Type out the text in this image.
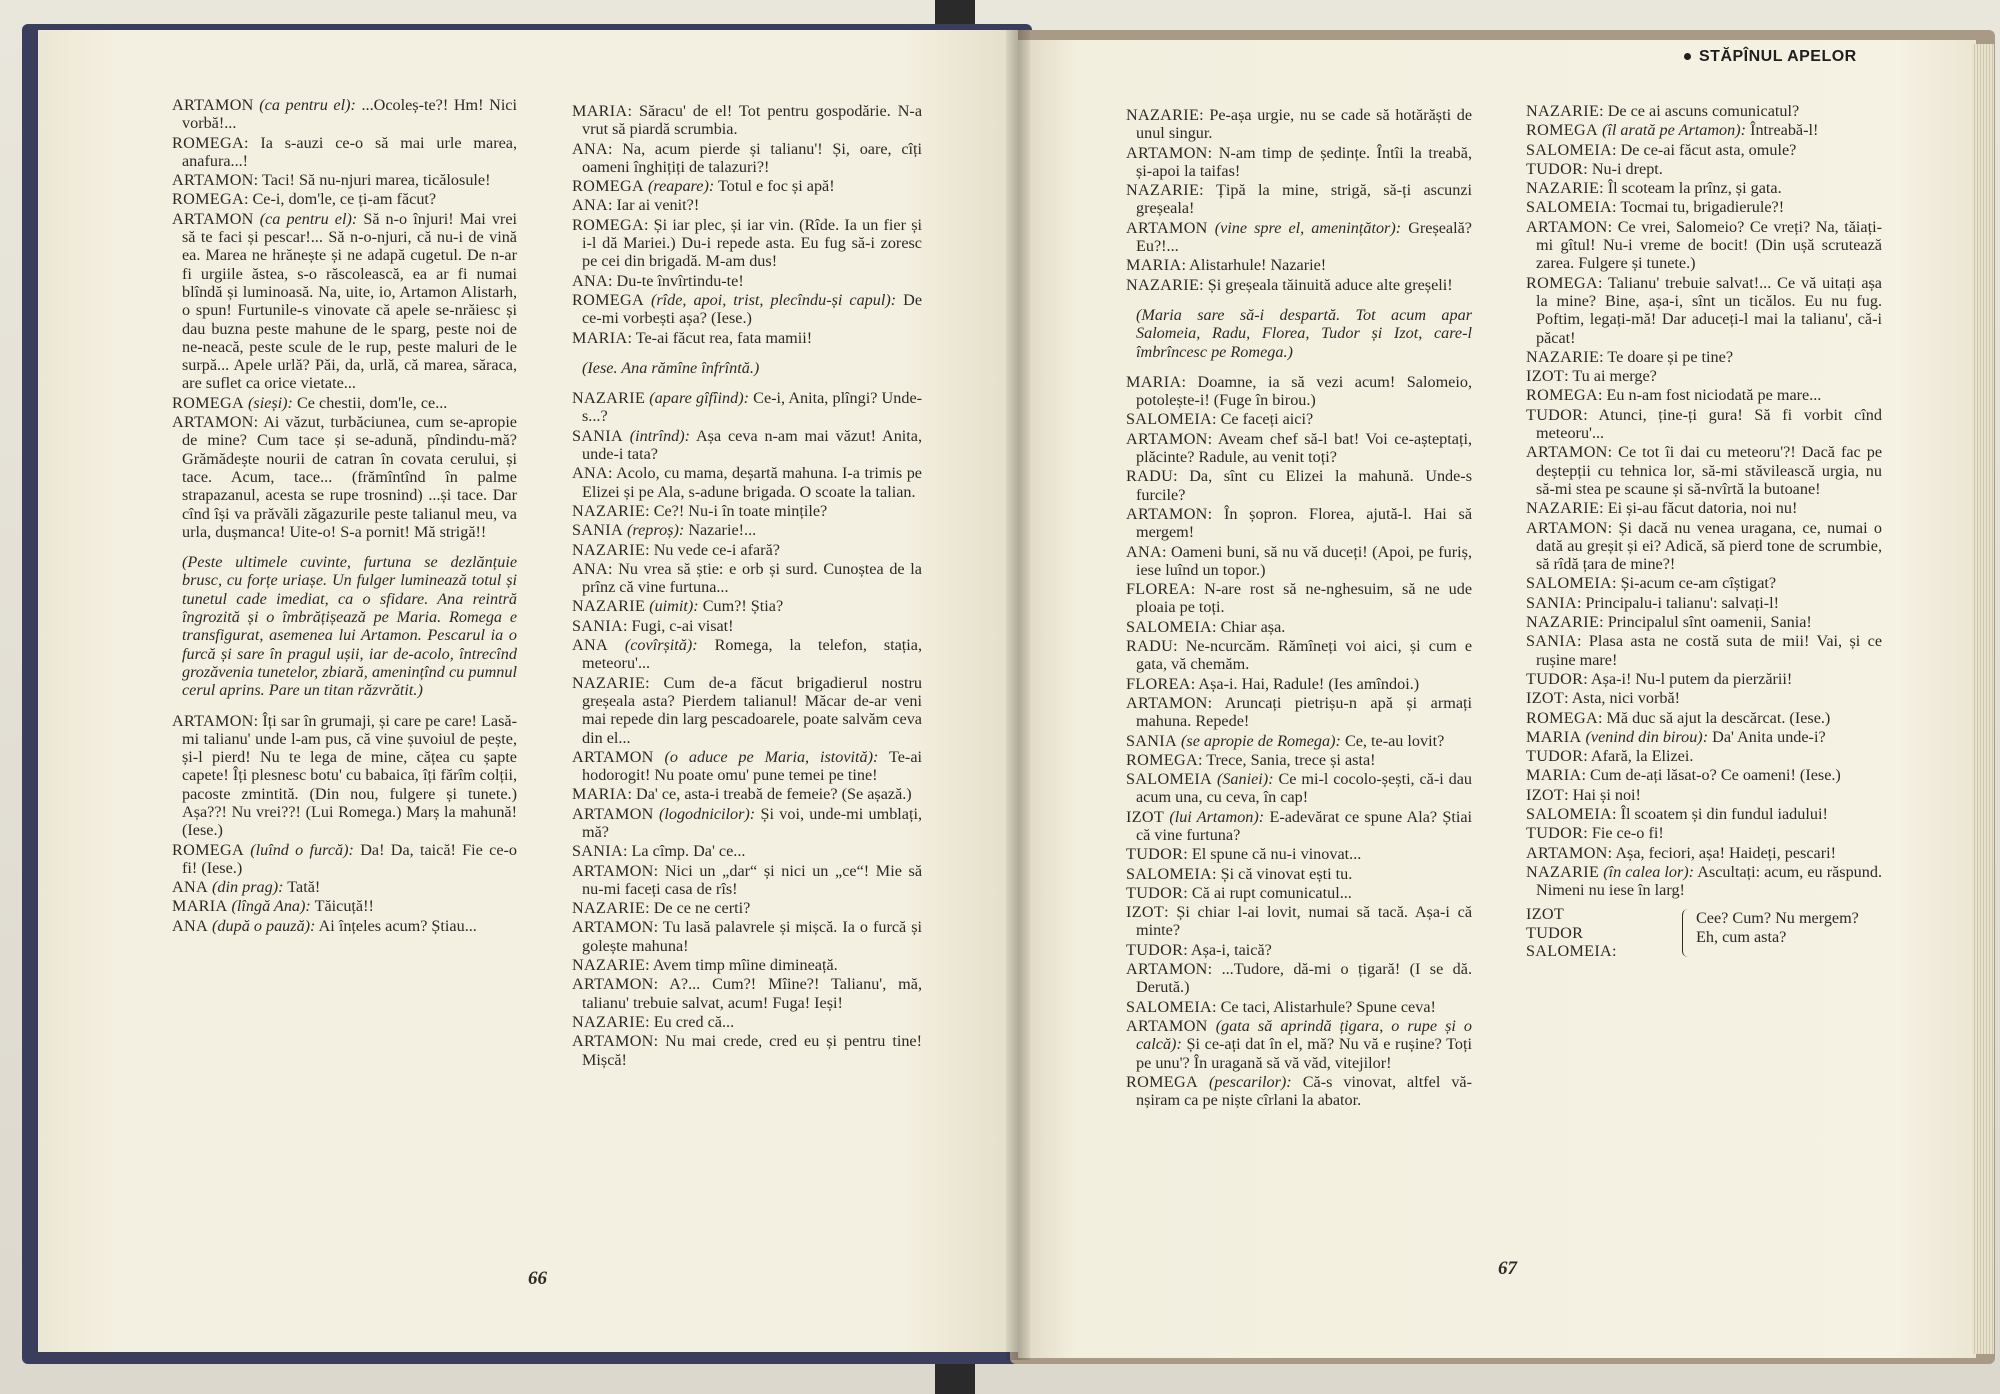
STĂPÎNUL APELOR

ARTAMON (ca pentru el): ...Ocoleș-te?! Hm! Nici vorbă!...

ROMEGA: Ia s-auzi ce-o să mai urle marea, anafura...!

ARTAMON: Taci! Să nu-njuri marea, ticălosule!

ROMEGA: Ce-i, dom'le, ce ți-am făcut?

ARTAMON (ca pentru el): Să n-o înjuri! Mai vrei să te faci și pescar!... Să n-o-njuri, că nu-i de vină ea. Marea ne hrănește și ne adapă cugetul. De n-ar fi urgiile ăstea, s-o răscolească, ea ar fi numai blîndă și luminoasă. Na, uite, io, Artamon Alistarh, o spun! Furtunile-s vinovate că apele se-nrăiesc și dau buzna peste mahune de le sparg, peste noi de ne-neacă, peste scule de le rup, peste maluri de le surpă... Apele urlă? Păi, da, urlă, că marea, săraca, are suflet ca orice vietate...

ROMEGA (sieși): Ce chestii, dom'le, ce...

ARTAMON: Ai văzut, turbăciunea, cum se-apropie de mine? Cum tace și se-adună, pîndindu-mă? Grămădește nourii de catran în covata cerului, și tace. Acum, tace... (frămîntînd în palme strapazanul, acesta se rupe trosnind) ...și tace. Dar cînd își va prăvăli zăgazurile peste talianul meu, va urla, dușmanca! Uite-o! S-a pornit! Mă strigă!!

(Peste ultimele cuvinte, furtuna se dezlănțuie brusc, cu forțe uriașe. Un fulger luminează totul și tunetul cade imediat, ca o sfidare. Ana reintră îngrozită și o îmbrățișează pe Maria. Romega e transfigurat, asemenea lui Artamon. Pescarul ia o furcă și sare în pragul ușii, iar de-acolo, întrecînd grozăvenia tunetelor, zbiară, amenințînd cu pumnul cerul aprins. Pare un titan răzvrătit.)

ARTAMON: Îți sar în grumaji, și care pe care! Lasă-mi talianu' unde l-am pus, că vine șuvoiul de pește, și-l pierd! Nu te lega de mine, cățea cu șapte capete! Îți plesnesc botu' cu babaica, îți fărîm colții, pacoste zmintită. (Din nou, fulgere și tunete.) Așa??! Nu vrei??! (Lui Romega.) Marș la mahună! (Iese.)

ROMEGA (luînd o furcă): Da! Da, taică! Fie ce-o fi! (Iese.)

ANA (din prag): Tată!

MARIA (lîngă Ana): Tăicuță!!

ANA (după o pauză): Ai înțeles acum? Știau...

MARIA: Săracu' de el! Tot pentru gospodărie. N-a vrut să piardă scrumbia.

ANA: Na, acum pierde și talianu'! Și, oare, cîți oameni înghițiți de talazuri?!

ROMEGA (reapare): Totul e foc și apă!

ANA: Iar ai venit?!

ROMEGA: Și iar plec, și iar vin. (Rîde. Ia un fier și i-l dă Mariei.) Du-i repede asta. Eu fug să-i zoresc pe cei din brigadă. M-am dus!

ANA: Du-te învîrtindu-te!

ROMEGA (rîde, apoi, trist, plecîndu-și capul): De ce-mi vorbești așa? (Iese.)

MARIA: Te-ai făcut rea, fata mamii!

(Iese. Ana rămîne înfrîntă.)

NAZARIE (apare gîfîind): Ce-i, Anita, plîngi? Unde-s...?

SANIA (intrînd): Așa ceva n-am mai văzut! Anita, unde-i tata?

ANA: Acolo, cu mama, deșartă mahuna. I-a trimis pe Elizei și pe Ala, s-adune brigada. O scoate la talian.

NAZARIE: Ce?! Nu-i în toate mințile?

SANIA (reproș): Nazarie!...

NAZARIE: Nu vede ce-i afară?

ANA: Nu vrea să știe: e orb și surd. Cunoștea de la prînz că vine furtuna...

NAZARIE (uimit): Cum?! Știa?

SANIA: Fugi, c-ai visat!

ANA (covîrșită): Romega, la telefon, stația, meteoru'...

NAZARIE: Cum de-a făcut brigadierul nostru greșeala asta? Pierdem talianul! Măcar de-ar veni mai repede din larg pescadoarele, poate salvăm ceva din el...

ARTAMON (o aduce pe Maria, istovită): Te-ai hodorogit! Nu poate omu' pune temei pe tine!

MARIA: Da' ce, asta-i treabă de femeie? (Se așază.)

ARTAMON (logodnicilor): Și voi, unde-mi umblați, mă?

SANIA: La cîmp. Da' ce...

ARTAMON: Nici un „dar“ și nici un „ce“! Mie să nu-mi faceți casa de rîs!

NAZARIE: De ce ne certi?

ARTAMON: Tu lasă palavrele și mișcă. Ia o furcă și golește mahuna!

NAZARIE: Avem timp mîine dimineață.

ARTAMON: A?... Cum?! Mîine?! Talianu', mă, talianu' trebuie salvat, acum! Fuga! Ieși!

NAZARIE: Eu cred că...

ARTAMON: Nu mai crede, cred eu și pentru tine! Mișcă!

NAZARIE: Pe-așa urgie, nu se cade să hotărăști de unul singur.

ARTAMON: N-am timp de ședințe. Întîi la treabă, și-apoi la taifas!

NAZARIE: Țipă la mine, strigă, să-ți ascunzi greșeala!

ARTAMON (vine spre el, amenințător): Greșeală? Eu?!...

MARIA: Alistarhule! Nazarie!

NAZARIE: Și greșeala tăinuită aduce alte greșeli!

(Maria sare să-i despartă. Tot acum apar Salomeia, Radu, Florea, Tudor și Izot, care-l îmbrîncesc pe Romega.)

MARIA: Doamne, ia să vezi acum! Salomeio, potolește-i! (Fuge în birou.)

SALOMEIA: Ce faceți aici?

ARTAMON: Aveam chef să-l bat! Voi ce-așteptați, plăcinte? Radule, au venit toți?

RADU: Da, sînt cu Elizei la mahună. Unde-s furcile?

ARTAMON: În șopron. Florea, ajută-l. Hai să mergem!

ANA: Oameni buni, să nu vă duceți! (Apoi, pe furiș, iese luînd un topor.)

FLOREA: N-are rost să ne-nghesuim, să ne ude ploaia pe toți.

SALOMEIA: Chiar așa.

RADU: Ne-ncurcăm. Rămîneți voi aici, și cum e gata, vă chemăm.

FLOREA: Așa-i. Hai, Radule! (Ies amîndoi.)

ARTAMON: Aruncați pietrișu-n apă și armați mahuna. Repede!

SANIA (se apropie de Romega): Ce, te-au lovit?

ROMEGA: Trece, Sania, trece și asta!

SALOMEIA (Saniei): Ce mi-l cocolo-șești, că-i dau acum una, cu ceva, în cap!

IZOT (lui Artamon): E-adevărat ce spune Ala? Știai că vine furtuna?

TUDOR: El spune că nu-i vinovat...

SALOMEIA: Și că vinovat ești tu.

TUDOR: Că ai rupt comunicatul...

IZOT: Și chiar l-ai lovit, numai să tacă. Așa-i că minte?

TUDOR: Așa-i, taică?

ARTAMON: ...Tudore, dă-mi o țigară! (I se dă. Derută.)

SALOMEIA: Ce taci, Alistarhule? Spune ceva!

ARTAMON (gata să aprindă țigara, o rupe și o calcă): Și ce-ați dat în el, mă? Nu vă e rușine? Toți pe unu'? În uragană să vă văd, vitejilor!

ROMEGA (pescarilor): Că-s vinovat, altfel vă-nșiram ca pe niște cîrlani la abator.

NAZARIE: De ce ai ascuns comunicatul?

ROMEGA (îl arată pe Artamon): Întreabă-l!

SALOMEIA: De ce-ai făcut asta, omule?

TUDOR: Nu-i drept.

NAZARIE: Îl scoteam la prînz, și gata.

SALOMEIA: Tocmai tu, brigadierule?!

ARTAMON: Ce vrei, Salomeio? Ce vreți? Na, tăiați-mi gîtul! Nu-i vreme de bocit! (Din ușă scrutează zarea. Fulgere și tunete.)

ROMEGA: Talianu' trebuie salvat!... Ce vă uitați așa la mine? Bine, așa-i, sînt un ticălos. Eu nu fug. Poftim, legați-mă! Dar aduceți-l mai la talianu', că-i păcat!

NAZARIE: Te doare și pe tine?

IZOT: Tu ai merge?

ROMEGA: Eu n-am fost niciodată pe mare...

TUDOR: Atunci, ține-ți gura! Să fi vorbit cînd meteoru'...

ARTAMON: Ce tot îi dai cu meteoru'?! Dacă fac pe deștepții cu tehnica lor, să-mi stăvilească urgia, nu să-mi stea pe scaune și să-nvîrtă la butoane!

NAZARIE: Ei și-au făcut datoria, noi nu!

ARTAMON: Și dacă nu venea uragana, ce, numai o dată au greșit și ei? Adică, să pierd tone de scrumbie, să rîdă țara de mine?!

SALOMEIA: Și-acum ce-am cîștigat?

SANIA: Principalu-i talianu': salvați-l!

NAZARIE: Principalul sînt oamenii, Sania!

SANIA: Plasa asta ne costă suta de mii! Vai, și ce rușine mare!

TUDOR: Așa-i! Nu-l putem da pierzării!

IZOT: Asta, nici vorbă!

ROMEGA: Mă duc să ajut la descărcat. (Iese.)

MARIA (venind din birou): Da' Anita unde-i?

TUDOR: Afară, la Elizei.

MARIA: Cum de-ați lăsat-o? Ce oameni! (Iese.)

IZOT: Hai și noi!

SALOMEIA: Îl scoatem și din fundul iadului!

TUDOR: Fie ce-o fi!

ARTAMON: Așa, feciori, așa! Haideți, pescari!

NAZARIE (în calea lor): Ascultați: acum, eu răspund. Nimeni nu iese în larg!

IZOT
TUDOR
SALOMEIA:
Cee? Cum? Nu mergem? Eh, cum asta?
66	67
